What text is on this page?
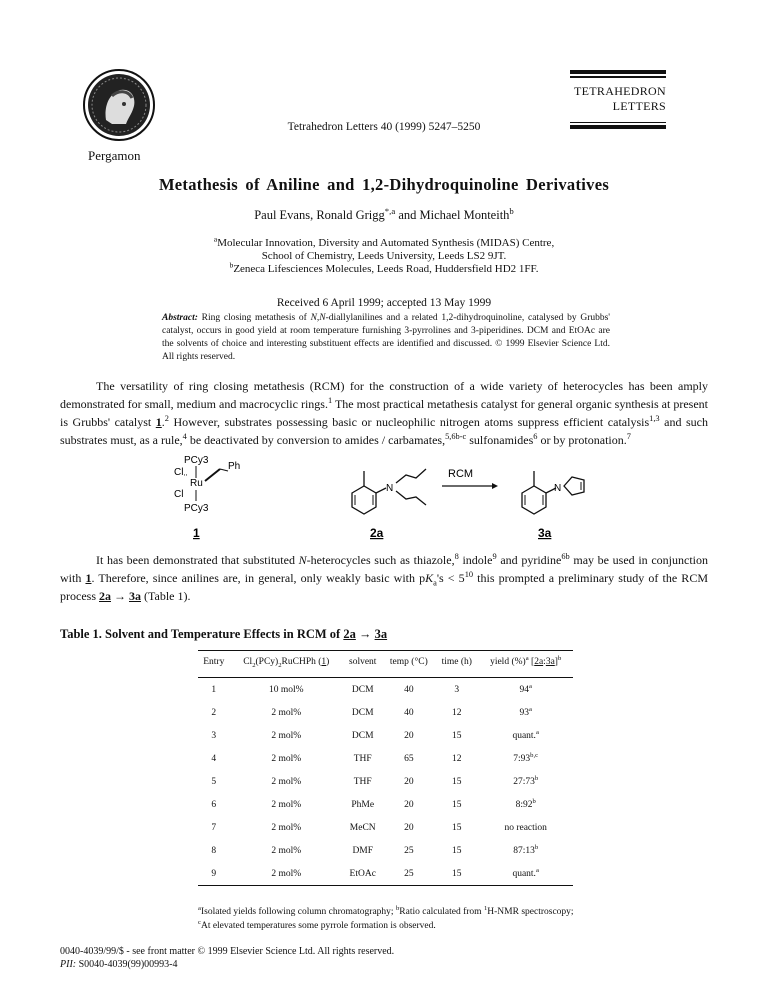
Pergamon
Tetrahedron Letters 40 (1999) 5247–5250
TETRAHEDRON
LETTERS
Metathesis of Aniline and 1,2-Dihydroquinoline Derivatives
Paul Evans, Ronald Grigg$^{*,a}$ and Michael Monteith$^b$
$^a$Molecular Innovation, Diversity and Automated Synthesis (MIDAS) Centre,
School of Chemistry, Leeds University, Leeds LS2 9JT.
$^b$Zeneca Lifesciences Molecules, Leeds Road, Huddersfield HD2 1FF.
Received 6 April 1999; accepted 13 May 1999
Abstract: Ring closing metathesis of N,N-diallylanilines and a related 1,2-dihydroquinoline, catalysed by Grubbs' catalyst, occurs in good yield at room temperature furnishing 3-pyrrolines and 3-piperidines. DCM and EtOAc are the solvents of choice and interesting substituent effects are identified and discussed. © 1999 Elsevier Science Ltd. All rights reserved.
The versatility of ring closing metathesis (RCM) for the construction of a wide variety of heterocycles has been amply demonstrated for small, medium and macrocyclic rings.$^1$ The most practical metathesis catalyst for general organic synthesis at present is Grubbs' catalyst 1.$^2$ However, substrates possessing basic or nucleophilic nitrogen atoms suppress efficient catalysis$^{1,3}$ and such substrates must, as a rule,$^4$ be deactivated by conversion to amides / carbamates,$^{5,6b-c}$ sulfonamides$^6$ or by protonation.$^7$
PCy3
Cl,,
Ru
Ph
Cl
PCy3
N
RCM
N
1	2a	3a
It has been demonstrated that substituted N-heterocycles such as thiazole,$^8$ indole$^9$ and pyridine$^{6b}$ may be used in conjunction with 1. Therefore, since anilines are, in general, only weakly basic with $pK_a's < 5^{10}$ this prompted a preliminary study of the RCM process 2a → 3a (Table 1).
Table 1. Solvent and Temperature Effects in RCM of 2a → 3a
Entry	$Cl_2(PCy)_2RuCHPh$ (1)	solvent	temp (°C)	time (h)	yield (%)$^a$ [2a:3a]$^b$
1	10 mol%	DCM	40	3	94$^a$
2	2 mol%	DCM	40	12	93$^a$
3	2 mol%	DCM	20	15	quant.$^a$
4	2 mol%	THF	65	12	7:93$^{b,c}$
5	2 mol%	THF	20	15	27:73$^b$
6	2 mol%	PhMe	20	15	8:92$^b$
7	2 mol%	MeCN	20	15	no reaction
8	2 mol%	DMF	25	15	87:13$^b$
9	2 mol%	EtOAc	25	15	quant.$^a$
$^a$Isolated yields following column chromatography; $^b$Ratio calculated from $^1$H-NMR spectroscopy; $^c$At elevated temperatures some pyrrole formation is observed.
0040-4039/99/$ - see front matter © 1999 Elsevier Science Ltd. All rights reserved.
PII: S0040-4039(99)00993-4
